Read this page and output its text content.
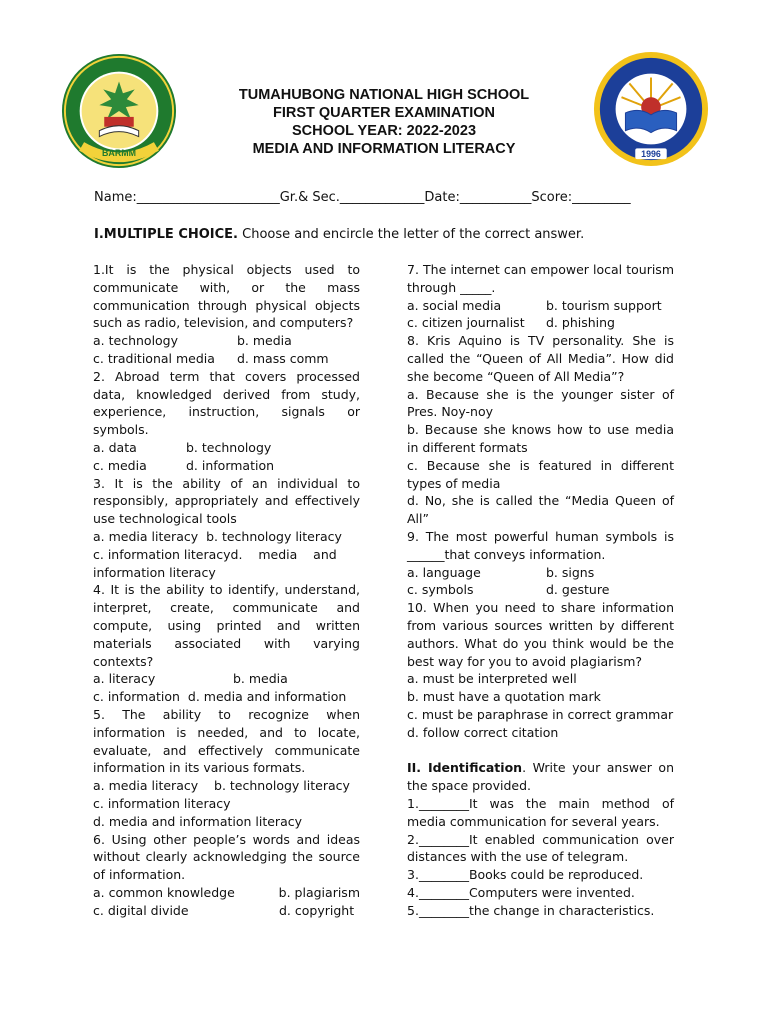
BARMM	1996
TUMAHUBONG NATIONAL HIGH SCHOOL
FIRST QUARTER EXAMINATION
SCHOOL YEAR: 2022-2023
MEDIA AND INFORMATION LITERACY
Name:______________________Gr.& Sec._____________Date:___________Score:_________
I.MULTIPLE CHOICE. Choose and encircle the letter of the correct answer.
1.It is the physical objects used to communicate with, or the mass communication through physical objects such as radio, television, and computers?
a. technology	b. media
c. traditional media	d. mass comm
2. Abroad term that covers processed data, knowledged derived from study, experience, instruction, signals or symbols.
a. data	b. technology
c. media	d. information
3. It is the ability of an individual to responsibly, appropriately and effectively use technological tools
a. media literacy  b. technology literacy
c. information literacyd.    media    and
information literacy
4. It is the ability to identify, understand, interpret, create, communicate and compute, using printed and written materials associated with varying contexts?
a. literacy	b. media
c. information  d. media and information
5. The ability to recognize when information is needed, and to locate, evaluate, and effectively communicate information in its various formats.
a. media literacy    b. technology literacy
c. information literacy
d. media and information literacy
6. Using other people’s words and ideas without clearly acknowledging the source of information.
a. common knowledge	b. plagiarism
c. digital divide	d. copyright
7. The internet can empower local tourism through _____.
a. social media	b. tourism support
c. citizen journalist	d. phishing
8. Kris Aquino is TV personality. She is called the “Queen of All Media”. How did she become “Queen of All Media”?
a. Because she is the younger sister of Pres. Noy-noy
b. Because she knows how to use media in different formats
c. Because she is featured in different types of media
d. No, she is called the “Media Queen of All”
9. The most powerful human symbols is ______that conveys information.
a. language	b. signs
c. symbols	d. gesture
10. When you need to share information from various sources written by different authors. What do you think would be the best way for you to avoid plagiarism?
a. must be interpreted well
b. must have a quotation mark
c. must be paraphrase in correct grammar
d. follow correct citation
II. Identification. Write your answer on the space provided.
1.________It was the main method of media communication for several years.
2.________It enabled communication over distances with the use of telegram.
3.________Books could be reproduced.
4.________Computers were invented.
5.________the change in characteristics.
